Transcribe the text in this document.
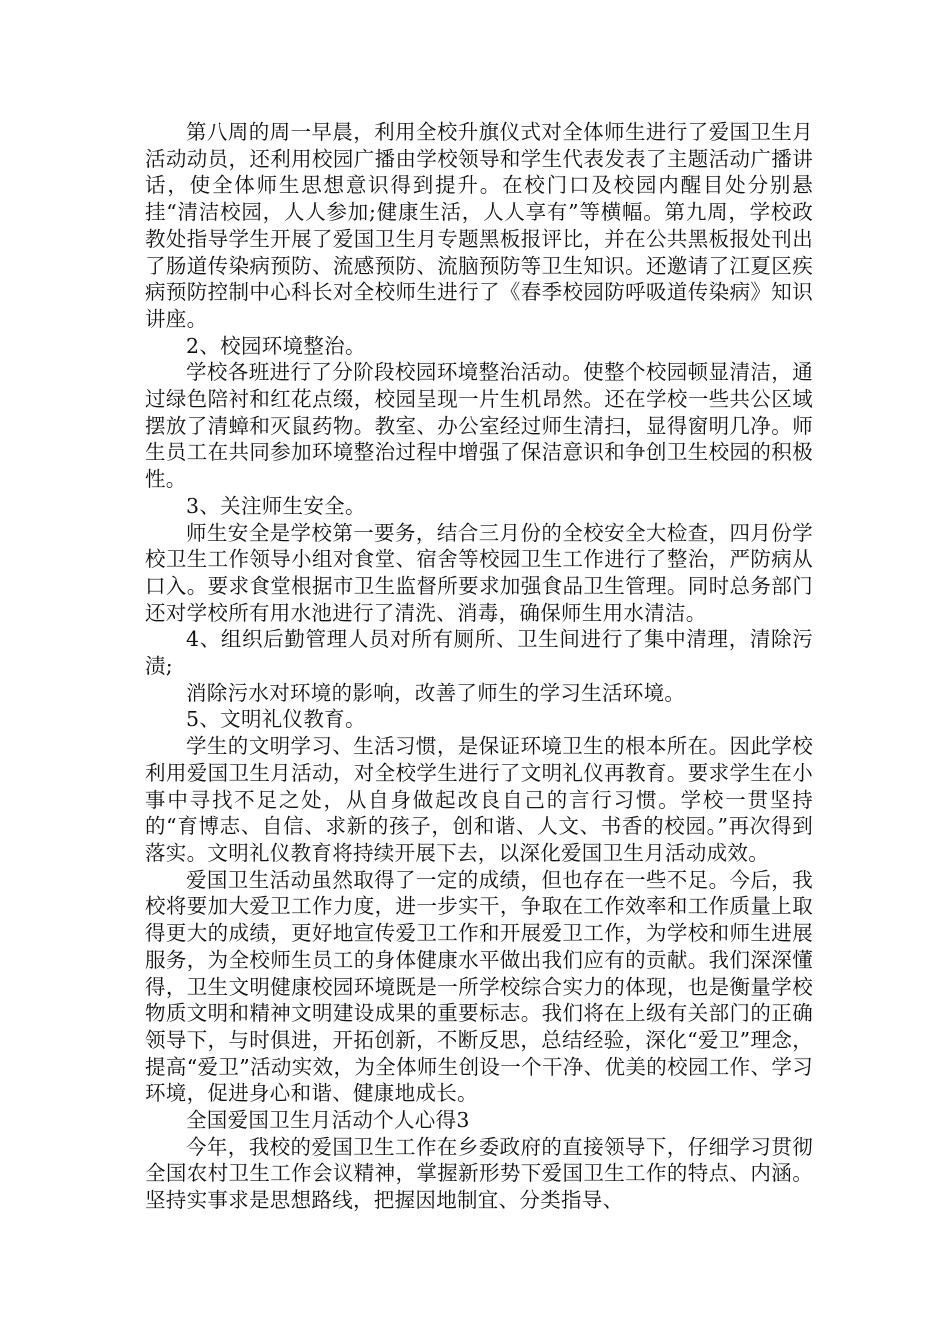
第八周的周一早晨，利用全校升旗仪式对全体师生进行了爱国卫生月活动动员，还利用校园广播由学校领导和学生代表发表了主题活动广播讲话，使全体师生思想意识得到提升。在校门口及校园内醒目处分别悬挂“清洁校园，人人参加;健康生活，人人享有”等横幅。第九周，学校政教处指导学生开展了爱国卫生月专题黑板报评比，并在公共黑板报处刊出了肠道传染病预防、流感预防、流脑预防等卫生知识。还邀请了江夏区疾病预防控制中心科长对全校师生进行了《春季校园防呼吸道传染病》知识讲座。

2、校园环境整治。

学校各班进行了分阶段校园环境整治活动。使整个校园顿显清洁，通过绿色陪衬和红花点缀，校园呈现一片生机昂然。还在学校一些共公区域摆放了清蟑和灭鼠药物。教室、办公室经过师生清扫，显得窗明几净。师生员工在共同参加环境整治过程中增强了保洁意识和争创卫生校园的积极性。

3、关注师生安全。

师生安全是学校第一要务，结合三月份的全校安全大检查，四月份学校卫生工作领导小组对食堂、宿舍等校园卫生工作进行了整治，严防病从口入。要求食堂根据市卫生监督所要求加强食品卫生管理。同时总务部门还对学校所有用水池进行了清洗、消毒，确保师生用水清洁。

4、组织后勤管理人员对所有厕所、卫生间进行了集中清理，清除污渍;

消除污水对环境的影响，改善了师生的学习生活环境。

5、文明礼仪教育。

学生的文明学习、生活习惯，是保证环境卫生的根本所在。因此学校利用爱国卫生月活动，对全校学生进行了文明礼仪再教育。要求学生在小事中寻找不足之处，从自身做起改良自己的言行习惯。学校一贯坚持的“育博志、自信、求新的孩子，创和谐、人文、书香的校园。”再次得到落实。文明礼仪教育将持续开展下去，以深化爱国卫生月活动成效。

爱国卫生活动虽然取得了一定的成绩，但也存在一些不足。今后，我校将要加大爱卫工作力度，进一步实干，争取在工作效率和工作质量上取得更大的成绩，更好地宣传爱卫工作和开展爱卫工作，为学校和师生进展服务，为全校师生员工的身体健康水平做出我们应有的贡献。我们深深懂得，卫生文明健康校园环境既是一所学校综合实力的体现，也是衡量学校物质文明和精神文明建设成果的重要标志。我们将在上级有关部门的正确领导下，与时俱进，开拓创新，不断反思，总结经验，深化“爱卫”理念，提高“爱卫”活动实效，为全体师生创设一个干净、优美的校园工作、学习环境，促进身心和谐、健康地成长。

全国爱国卫生月活动个人心得3

今年，我校的爱国卫生工作在乡委政府的直接领导下，仔细学习贯彻全国农村卫生工作会议精神，掌握新形势下爱国卫生工作的特点、内涵。坚持实事求是思想路线，把握因地制宜、分类指导、
